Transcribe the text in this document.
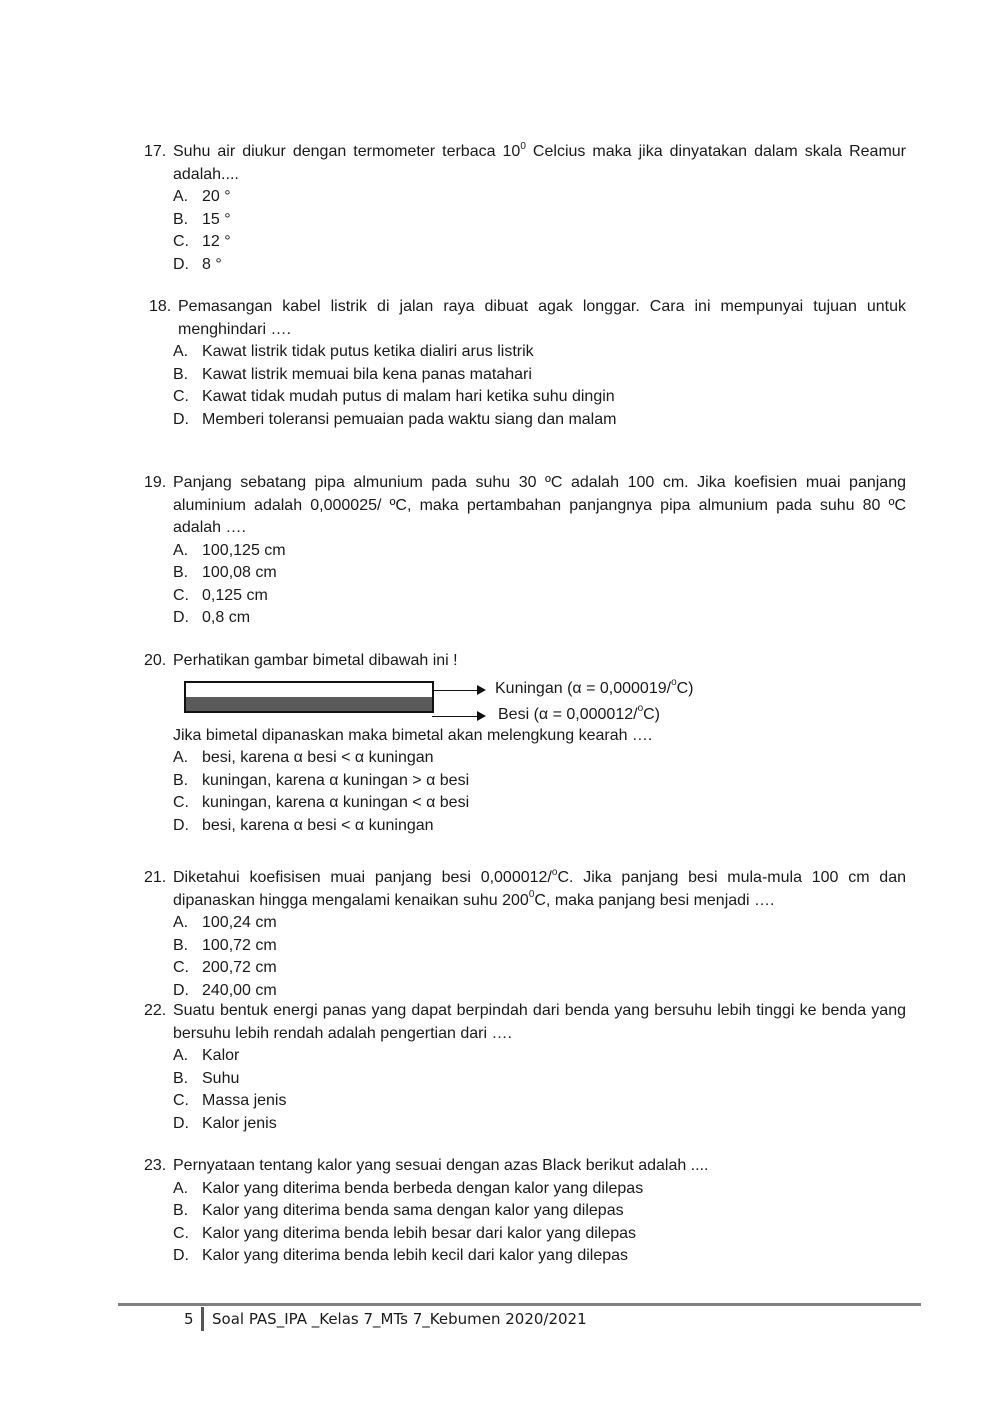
17. Suhu air diukur dengan termometer terbaca $10^0$ Celcius maka jika dinyatakan dalam skala Reamur adalah....
A. 20 °
B. 15 °
C. 12 °
D. 8 °
18. Pemasangan kabel listrik di jalan raya dibuat agak longgar. Cara ini mempunyai tujuan untuk menghindari ….
A. Kawat listrik tidak putus ketika dialiri arus listrik
B. Kawat listrik memuai bila kena panas matahari
C. Kawat tidak mudah putus di malam hari ketika suhu dingin
D. Memberi toleransi pemuaian pada waktu siang dan malam
19. Panjang sebatang pipa almunium pada suhu 30 ºC adalah 100 cm. Jika koefisien muai panjang aluminium adalah 0,000025/ ºC, maka pertambahan panjangnya pipa almunium pada suhu 80 ºC adalah ….
A. 100,125 cm
B. 100,08 cm
C. 0,125 cm
D. 0,8 cm
20. Perhatikan gambar bimetal dibawah ini !
Kuningan (α = 0,000019/$^o$C)
Besi (α = 0,000012/$^o$C)
Jika bimetal dipanaskan maka bimetal akan melengkung kearah ….
A. besi, karena α besi < α kuningan
B. kuningan, karena α kuningan > α besi
C. kuningan, karena α kuningan < α besi
D. besi, karena α besi < α kuningan
21. Diketahui koefisisen muai panjang besi 0,000012/$^o$C. Jika panjang besi mula-mula 100 cm dan dipanaskan hingga mengalami kenaikan suhu $200^0C$, maka panjang besi menjadi ….
A. 100,24 cm
B. 100,72 cm
C. 200,72 cm
D. 240,00 cm
22. Suatu bentuk energi panas yang dapat berpindah dari benda yang bersuhu lebih tinggi ke benda yang bersuhu lebih rendah adalah pengertian dari ….
A. Kalor
B. Suhu
C. Massa jenis
D. Kalor jenis
23. Pernyataan tentang kalor yang sesuai dengan azas Black berikut adalah ....
A. Kalor yang diterima benda berbeda dengan kalor yang dilepas
B. Kalor yang diterima benda sama dengan kalor yang dilepas
C. Kalor yang diterima benda lebih besar dari kalor yang dilepas
D. Kalor yang diterima benda lebih kecil dari kalor yang dilepas
5 Soal PAS_IPA _Kelas 7_MTs 7_Kebumen 2020/2021
